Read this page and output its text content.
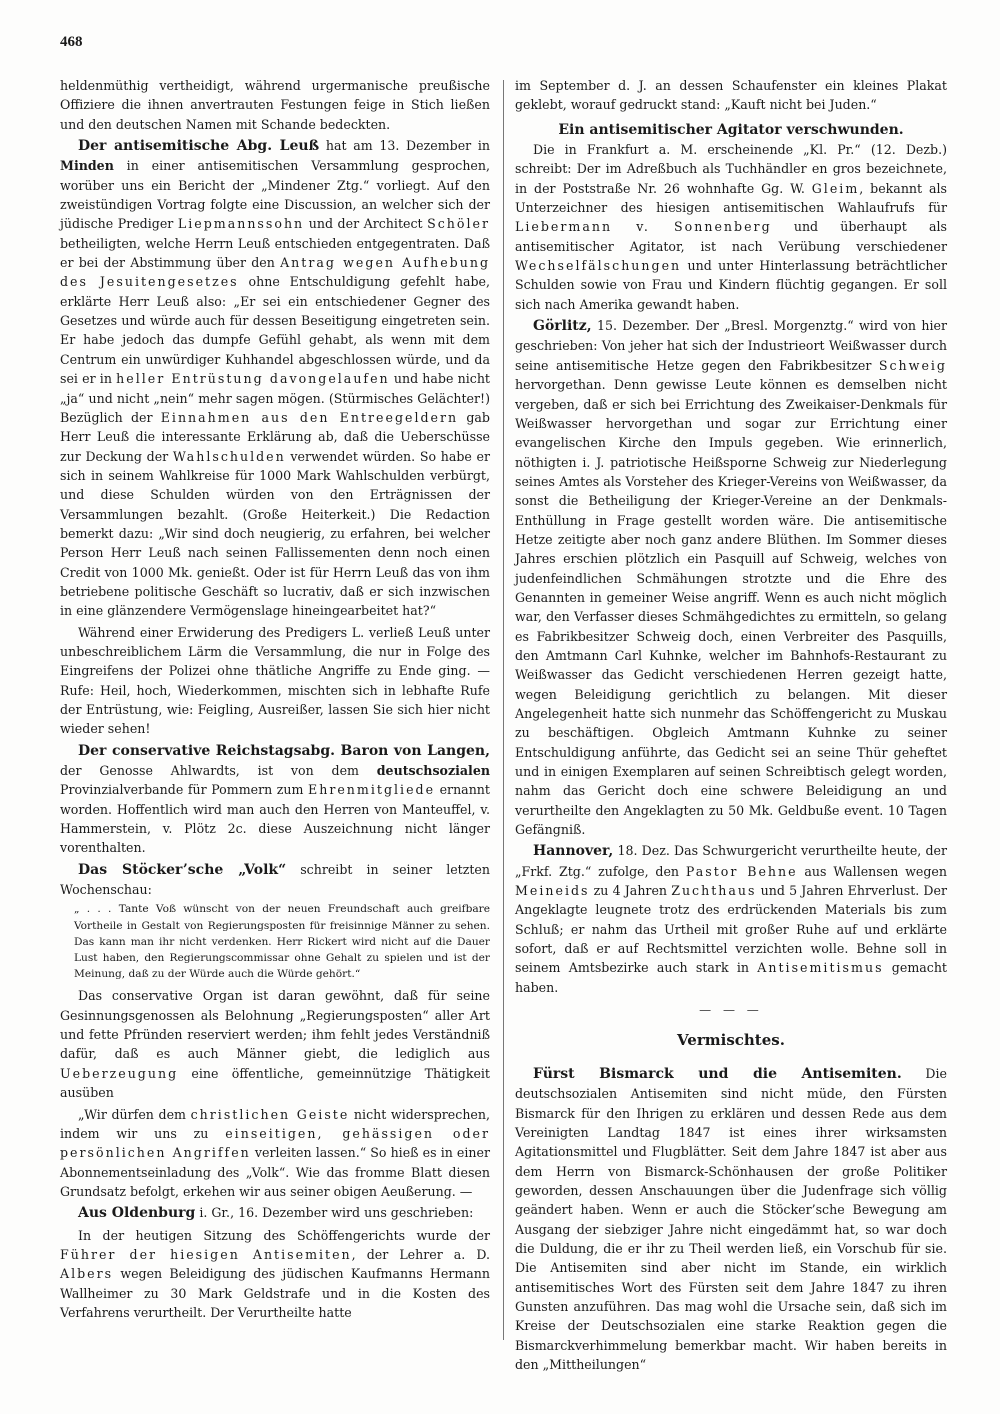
468

heldenmüthig vertheidigt, während urgermanische preußische Offiziere die ihnen anvertrauten Festungen feige in Stich ließen und den deutschen Namen mit Schande bedeckten.

Der antisemitische Abg. Leuß hat am 13. Dezember in Minden in einer antisemitischen Versammlung gesprochen, worüber uns ein Bericht der „Mindener Ztg.“ vorliegt. Auf den zweistündigen Vortrag folgte eine Discussion, an welcher sich der jüdische Prediger Liepmannssohn und der Architect Schöler betheiligten, welche Herrn Leuß entschieden entgegentraten. Daß er bei der Abstimmung über den Antrag wegen Aufhebung des Jesuitengesetzes ohne Entschuldigung gefehlt habe, erklärte Herr Leuß also: „Er sei ein entschiedener Gegner des Gesetzes und würde auch für dessen Beseitigung eingetreten sein. Er habe jedoch das dumpfe Gefühl gehabt, als wenn mit dem Centrum ein unwürdiger Kuhhandel abgeschlossen würde, und da sei er in heller Entrüstung davongelaufen und habe nicht „ja“ und nicht „nein“ mehr sagen mögen. (Stürmisches Gelächter!) Bezüglich der Einnahmen aus den Entreegeldern gab Herr Leuß die interessante Erklärung ab, daß die Ueberschüsse zur Deckung der Wahlschulden verwendet würden. So habe er sich in seinem Wahlkreise für 1000 Mark Wahlschulden verbürgt, und diese Schulden würden von den Erträgnissen der Versammlungen bezahlt. (Große Heiterkeit.) Die Redaction bemerkt dazu: „Wir sind doch neugierig, zu erfahren, bei welcher Person Herr Leuß nach seinen Fallissementen denn noch einen Credit von 1000 Mk. genießt. Oder ist für Herrn Leuß das von ihm betriebene politische Geschäft so lucrativ, daß er sich inzwischen in eine glänzendere Vermögenslage hineingearbeitet hat?“

Während einer Erwiderung des Predigers L. verließ Leuß unter unbeschreiblichem Lärm die Versammlung, die nur in Folge des Eingreifens der Polizei ohne thätliche Angriffe zu Ende ging. — Rufe: Heil, hoch, Wiederkommen, mischten sich in lebhafte Rufe der Entrüstung, wie: Feigling, Ausreißer, lassen Sie sich hier nicht wieder sehen!

Der conservative Reichstagsabg. Baron von Langen, der Genosse Ahlwardts, ist von dem deutschsozialen Provinzialverbande für Pommern zum Ehrenmitgliede ernannt worden. Hoffentlich wird man auch den Herren von Manteuffel, v. Hammerstein, v. Plötz 2c. diese Auszeichnung nicht länger vorenthalten.

Das Stöcker’sche „Volk“ schreibt in seiner letzten Wochenschau:

„ . . . Tante Voß wünscht von der neuen Freundschaft auch greifbare Vortheile in Gestalt von Regierungsposten für freisinnige Männer zu sehen. Das kann man ihr nicht verdenken. Herr Rickert wird nicht auf die Dauer Lust haben, den Regierungscommissar ohne Gehalt zu spielen und ist der Meinung, daß zu der Würde auch die Würde gehört.“

Das conservative Organ ist daran gewöhnt, daß für seine Gesinnungsgenossen als Belohnung „Regierungsposten“ aller Art und fette Pfründen reserviert werden; ihm fehlt jedes Verständniß dafür, daß es auch Männer giebt, die lediglich aus Ueberzeugung eine öffentliche, gemeinnützige Thätigkeit ausüben

„Wir dürfen dem christlichen Geiste nicht widersprechen, indem wir uns zu einseitigen, gehässigen oder persönlichen Angriffen verleiten lassen.“ So hieß es in einer Abonnementseinladung des „Volk“. Wie das fromme Blatt diesen Grundsatz befolgt, erkehen wir aus seiner obigen Aeußerung. —

Aus Oldenburg i. Gr., 16. Dezember wird uns geschrieben:

In der heutigen Sitzung des Schöffengerichts wurde der Führer der hiesigen Antisemiten, der Lehrer a. D. Albers wegen Beleidigung des jüdischen Kaufmanns Hermann Wallheimer zu 30 Mark Geldstrafe und in die Kosten des Verfahrens verurtheilt. Der Verurtheilte hatte

im September d. J. an dessen Schaufenster ein kleines Plakat geklebt, worauf gedruckt stand: „Kauft nicht bei Juden.“

Ein antisemitischer Agitator verschwunden.

Die in Frankfurt a. M. erscheinende „Kl. Pr.“ (12. Dezb.) schreibt: Der im Adreßbuch als Tuchhändler en gros bezeichnete, in der Poststraße Nr. 26 wohnhafte Gg. W. Gleim, bekannt als Unterzeichner des hiesigen antisemitischen Wahlaufrufs für Liebermann v. Sonnenberg und überhaupt als antisemitischer Agitator, ist nach Verübung verschiedener Wechselfälschungen und unter Hinterlassung beträchtlicher Schulden sowie von Frau und Kindern flüchtig gegangen. Er soll sich nach Amerika gewandt haben.

Görlitz, 15. Dezember. Der „Bresl. Morgenztg.“ wird von hier geschrieben: Von jeher hat sich der Industrieort Weißwasser durch seine antisemitische Hetze gegen den Fabrikbesitzer Schweig hervorgethan. Denn gewisse Leute können es demselben nicht vergeben, daß er sich bei Errichtung des Zweikaiser-Denkmals für Weißwasser hervorgethan und sogar zur Errichtung einer evangelischen Kirche den Impuls gegeben. Wie erinnerlich, nöthigten i. J. patriotische Heißsporne Schweig zur Niederlegung seines Amtes als Vorsteher des Krieger-Vereins von Weißwasser, da sonst die Betheiligung der Krieger-Vereine an der Denkmals-Enthüllung in Frage gestellt worden wäre. Die antisemitische Hetze zeitigte aber noch ganz andere Blüthen. Im Sommer dieses Jahres erschien plötzlich ein Pasquill auf Schweig, welches von judenfeindlichen Schmähungen strotzte und die Ehre des Genannten in gemeiner Weise angriff. Wenn es auch nicht möglich war, den Verfasser dieses Schmähgedichtes zu ermitteln, so gelang es Fabrikbesitzer Schweig doch, einen Verbreiter des Pasquills, den Amtmann Carl Kuhnke, welcher im Bahnhofs-Restaurant zu Weißwasser das Gedicht verschiedenen Herren gezeigt hatte, wegen Beleidigung gerichtlich zu belangen. Mit dieser Angelegenheit hatte sich nunmehr das Schöffengericht zu Muskau zu beschäftigen. Obgleich Amtmann Kuhnke zu seiner Entschuldigung anführte, das Gedicht sei an seine Thür geheftet und in einigen Exemplaren auf seinen Schreibtisch gelegt worden, nahm das Gericht doch eine schwere Beleidigung an und verurtheilte den Angeklagten zu 50 Mk. Geldbuße event. 10 Tagen Gefängniß.

Hannover, 18. Dez. Das Schwurgericht verurtheilte heute, der „Frkf. Ztg.“ zufolge, den Pastor Behne aus Wallensen wegen Meineids zu 4 Jahren Zuchthaus und 5 Jahren Ehrverlust. Der Angeklagte leugnete trotz des erdrückenden Materials bis zum Schluß; er nahm das Urtheil mit großer Ruhe auf und erklärte sofort, daß er auf Rechtsmittel verzichten wolle. Behne soll in seinem Amtsbezirke auch stark in Antisemitismus gemacht haben.

— — —

Vermischtes.

Fürst Bismarck und die Antisemiten. Die deutschsozialen Antisemiten sind nicht müde, den Fürsten Bismarck für den Ihrigen zu erklären und dessen Rede aus dem Vereinigten Landtag 1847 ist eines ihrer wirksamsten Agitationsmittel und Flugblätter. Seit dem Jahre 1847 ist aber aus dem Herrn von Bismarck-Schönhausen der große Politiker geworden, dessen Anschauungen über die Judenfrage sich völlig geändert haben. Wenn er auch die Stöcker’sche Bewegung am Ausgang der siebziger Jahre nicht eingedämmt hat, so war doch die Duldung, die er ihr zu Theil werden ließ, ein Vorschub für sie. Die Antisemiten sind aber nicht im Stande, ein wirklich antisemitisches Wort des Fürsten seit dem Jahre 1847 zu ihren Gunsten anzuführen. Das mag wohl die Ursache sein, daß sich im Kreise der Deutschsozialen eine starke Reaktion gegen die Bismarckverhimmelung bemerkbar macht. Wir haben bereits in den „Mittheilungen“
